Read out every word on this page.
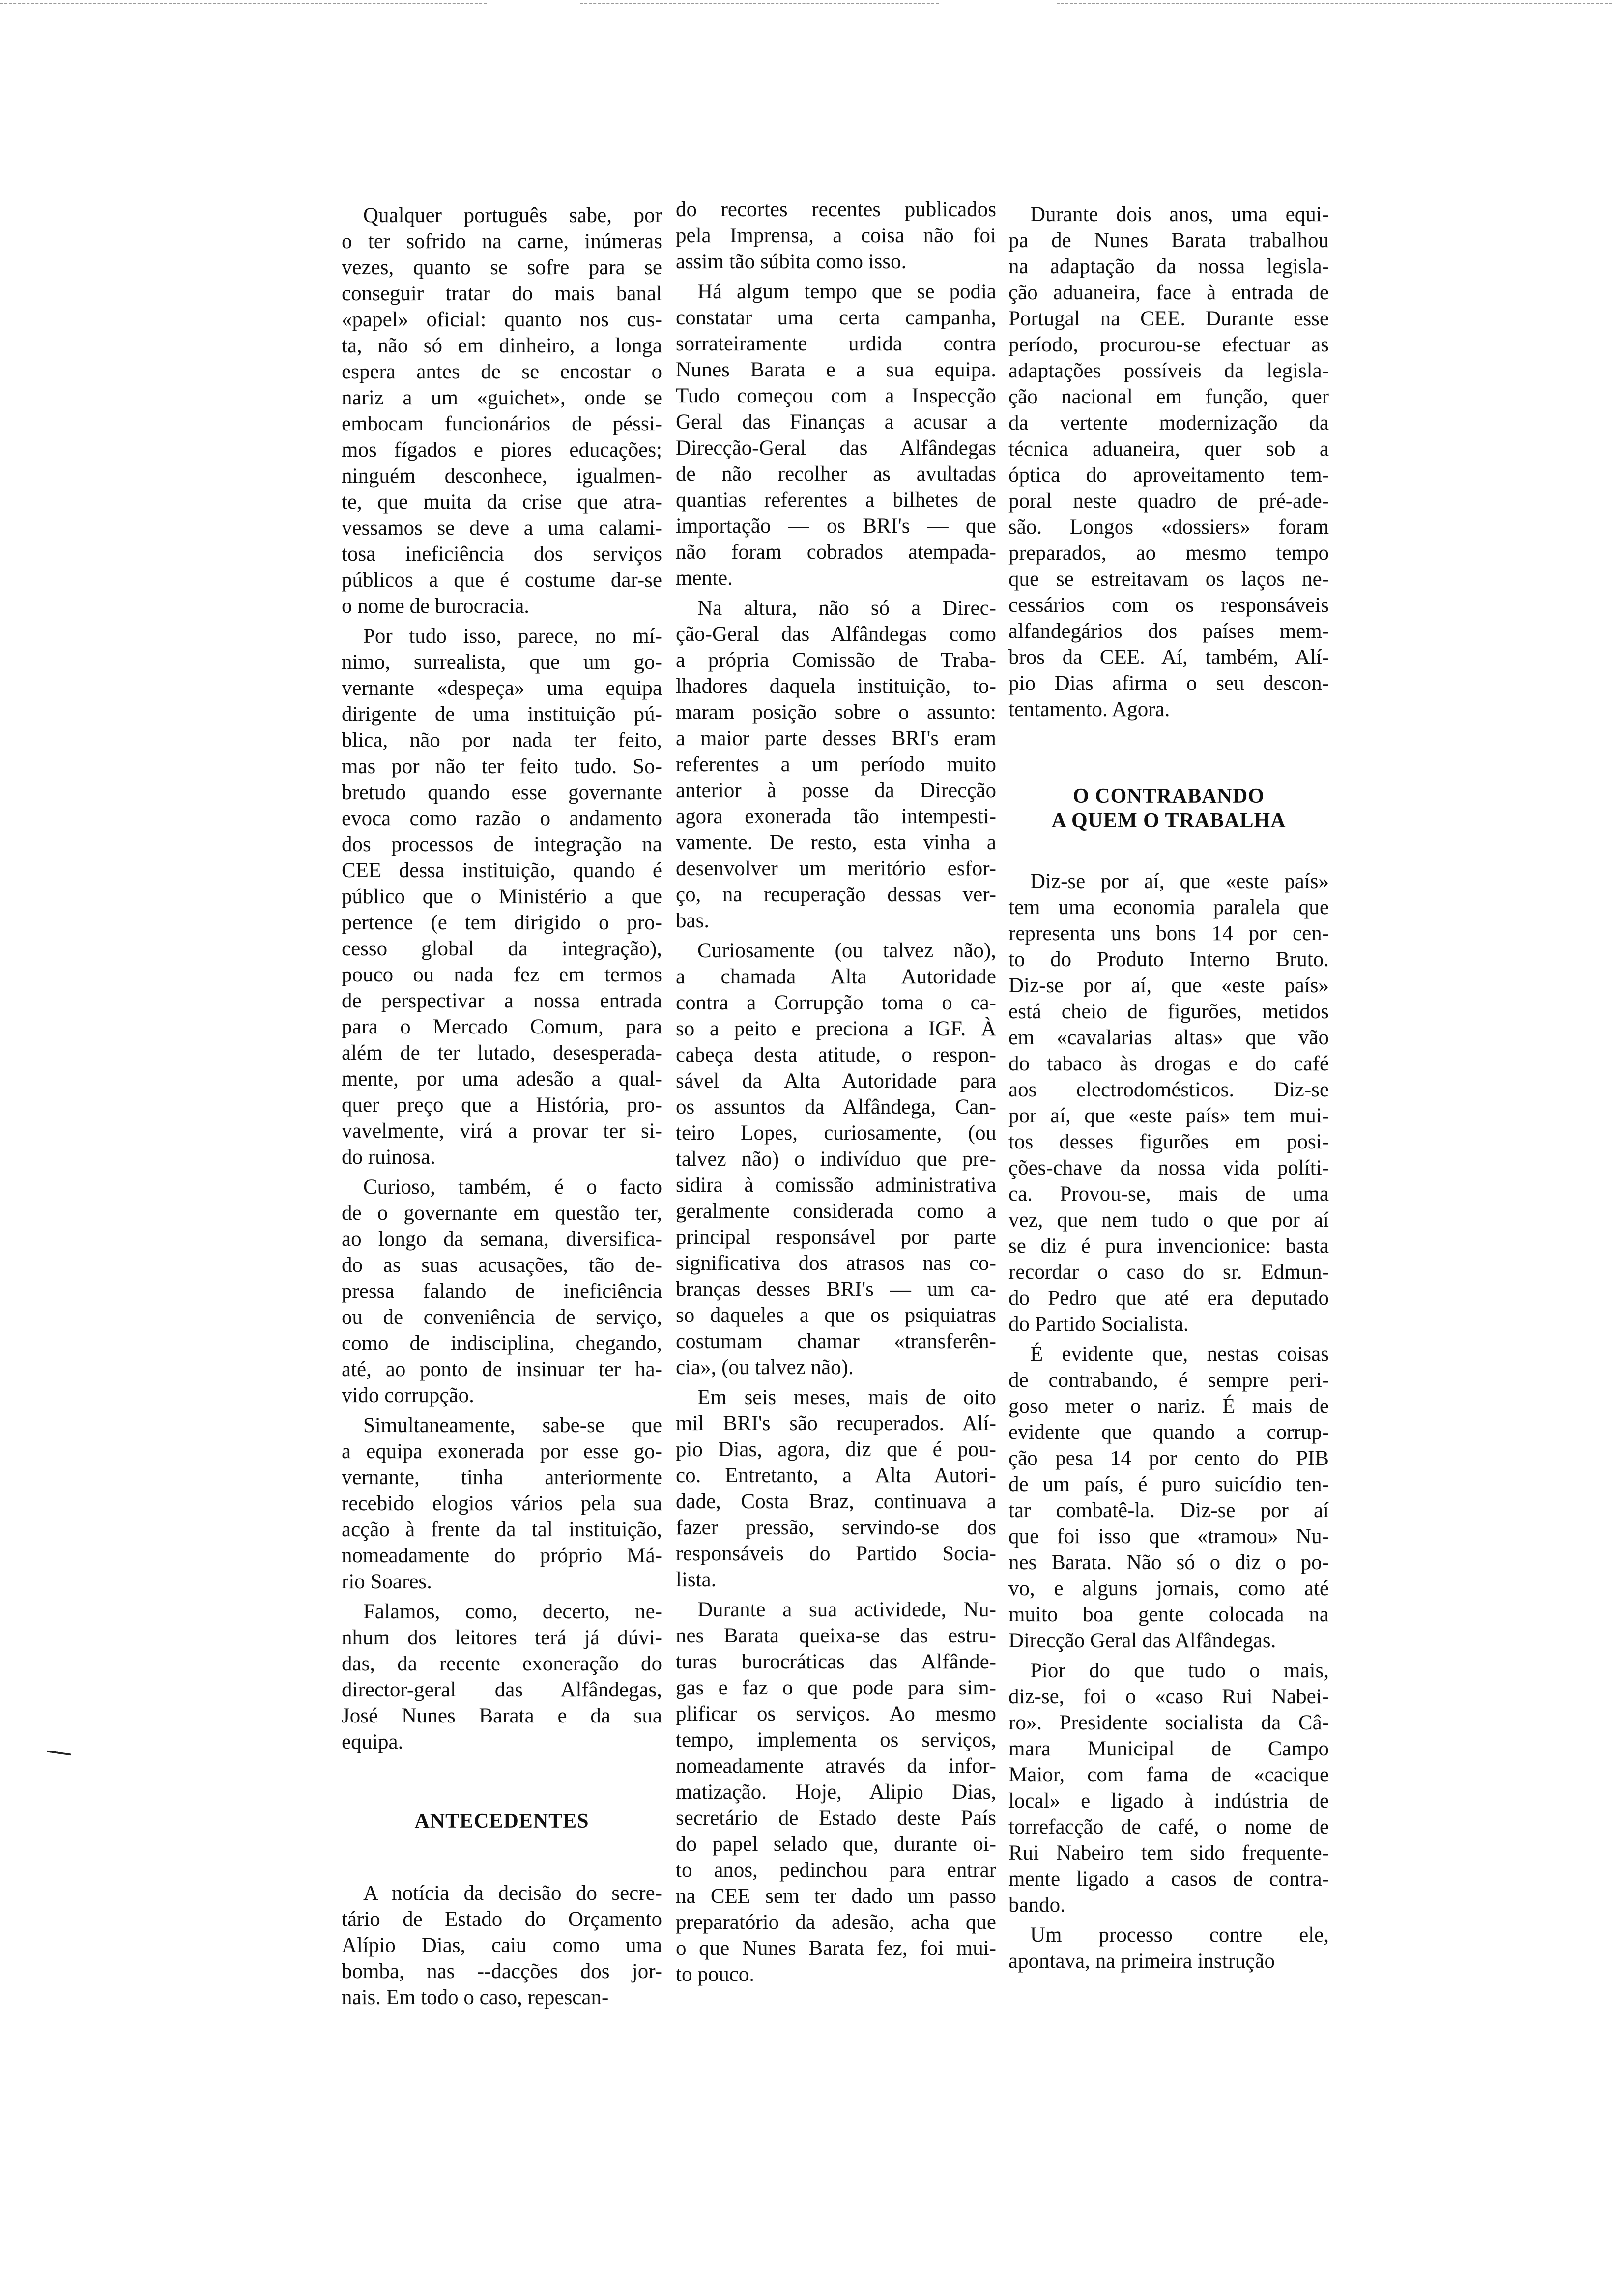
Qualquer português sabe, por
o ter sofrido na carne, inúmeras
vezes, quanto se sofre para se
conseguir tratar do mais banal
«papel» oficial: quanto nos cus-
ta, não só em dinheiro, a longa
espera antes de se encostar o
nariz a um «guichet», onde se
embocam funcionários de péssi-
mos fígados e piores educações;
ninguém desconhece, igualmen-
te, que muita da crise que atra-
vessamos se deve a uma calami-
tosa ineficiência dos serviços
públicos a que é costume dar-se
o nome de burocracia.
Por tudo isso, parece, no mí-
nimo, surrealista, que um go-
vernante «despeça» uma equipa
dirigente de uma instituição pú-
blica, não por nada ter feito,
mas por não ter feito tudo. So-
bretudo quando esse governante
evoca como razão o andamento
dos processos de integração na
CEE dessa instituição, quando é
público que o Ministério a que
pertence (e tem dirigido o pro-
cesso global da integração),
pouco ou nada fez em termos
de perspectivar a nossa entrada
para o Mercado Comum, para
além de ter lutado, desesperada-
mente, por uma adesão a qual-
quer preço que a História, pro-
vavelmente, virá a provar ter si-
do ruinosa.
Curioso, também, é o facto
de o governante em questão ter,
ao longo da semana, diversifica-
do as suas acusações, tão de-
pressa falando de ineficiência
ou de conveniência de serviço,
como de indisciplina, chegando,
até, ao ponto de insinuar ter ha-
vido corrupção.
Simultaneamente, sabe-se que
a equipa exonerada por esse go-
vernante, tinha anteriormente
recebido elogios vários pela sua
acção à frente da tal instituição,
nomeadamente do próprio Má-
rio Soares.
Falamos, como, decerto, ne-
nhum dos leitores terá já dúvi-
das, da recente exoneração do
director-geral das Alfândegas,
José Nunes Barata e da sua
equipa.
ANTECEDENTES
A notícia da decisão do secre-
tário de Estado do Orçamento
Alípio Dias, caiu como uma
bomba, nas --dacções dos jor-
nais. Em todo o caso, repescan-
do recortes recentes publicados
pela Imprensa, a coisa não foi
assim tão súbita como isso.
Há algum tempo que se podia
constatar uma certa campanha,
sorrateiramente urdida contra
Nunes Barata e a sua equipa.
Tudo começou com a Inspecção
Geral das Finanças a acusar a
Direcção-Geral das Alfândegas
de não recolher as avultadas
quantias referentes a bilhetes de
importação — os BRI's — que
não foram cobrados atempada-
mente.
Na altura, não só a Direc-
ção-Geral das Alfândegas como
a própria Comissão de Traba-
lhadores daquela instituição, to-
maram posição sobre o assunto:
a maior parte desses BRI's eram
referentes a um período muito
anterior à posse da Direcção
agora exonerada tão intempesti-
vamente. De resto, esta vinha a
desenvolver um meritório esfor-
ço, na recuperação dessas ver-
bas.
Curiosamente (ou talvez não),
a chamada Alta Autoridade
contra a Corrupção toma o ca-
so a peito e preciona a IGF. À
cabeça desta atitude, o respon-
sável da Alta Autoridade para
os assuntos da Alfândega, Can-
teiro Lopes, curiosamente, (ou
talvez não) o indivíduo que pre-
sidira à comissão administrativa
geralmente considerada como a
principal responsável por parte
significativa dos atrasos nas co-
branças desses BRI's — um ca-
so daqueles a que os psiquiatras
costumam chamar «transferên-
cia», (ou talvez não).
Em seis meses, mais de oito
mil BRI's são recuperados. Alí-
pio Dias, agora, diz que é pou-
co. Entretanto, a Alta Autori-
dade, Costa Braz, continuava a
fazer pressão, servindo-se dos
responsáveis do Partido Socia-
lista.
Durante a sua actividede, Nu-
nes Barata queixa-se das estru-
turas burocráticas das Alfânde-
gas e faz o que pode para sim-
plificar os serviços. Ao mesmo
tempo, implementa os serviços,
nomeadamente através da infor-
matização. Hoje, Alipio Dias,
secretário de Estado deste País
do papel selado que, durante oi-
to anos, pedinchou para entrar
na CEE sem ter dado um passo
preparatório da adesão, acha que
o que Nunes Barata fez, foi mui-
to pouco.
Durante dois anos, uma equi-
pa de Nunes Barata trabalhou
na adaptação da nossa legisla-
ção aduaneira, face à entrada de
Portugal na CEE. Durante esse
período, procurou-se efectuar as
adaptações possíveis da legisla-
ção nacional em função, quer
da vertente modernização da
técnica aduaneira, quer sob a
óptica do aproveitamento tem-
poral neste quadro de pré-ade-
são. Longos «dossiers» foram
preparados, ao mesmo tempo
que se estreitavam os laços ne-
cessários com os responsáveis
alfandegários dos países mem-
bros da CEE. Aí, também, Alí-
pio Dias afirma o seu descon-
tentamento. Agora.
O CONTRABANDO
A QUEM O TRABALHA
Diz-se por aí, que «este país»
tem uma economia paralela que
representa uns bons 14 por cen-
to do Produto Interno Bruto.
Diz-se por aí, que «este país»
está cheio de figurões, metidos
em «cavalarias altas» que vão
do tabaco às drogas e do café
aos electrodomésticos. Diz-se
por aí, que «este país» tem mui-
tos desses figurões em posi-
ções-chave da nossa vida políti-
ca. Provou-se, mais de uma
vez, que nem tudo o que por aí
se diz é pura invencionice: basta
recordar o caso do sr. Edmun-
do Pedro que até era deputado
do Partido Socialista.
É evidente que, nestas coisas
de contrabando, é sempre peri-
goso meter o nariz. É mais de
evidente que quando a corrup-
ção pesa 14 por cento do PIB
de um país, é puro suicídio ten-
tar combatê-la. Diz-se por aí
que foi isso que «tramou» Nu-
nes Barata. Não só o diz o po-
vo, e alguns jornais, como até
muito boa gente colocada na
Direcção Geral das Alfândegas.
Pior do que tudo o mais,
diz-se, foi o «caso Rui Nabei-
ro». Presidente socialista da Câ-
mara Municipal de Campo
Maior, com fama de «cacique
local» e ligado à indústria de
torrefacção de café, o nome de
Rui Nabeiro tem sido frequente-
mente ligado a casos de contra-
bando.
Um processo contre ele,
apontava, na primeira instrução
